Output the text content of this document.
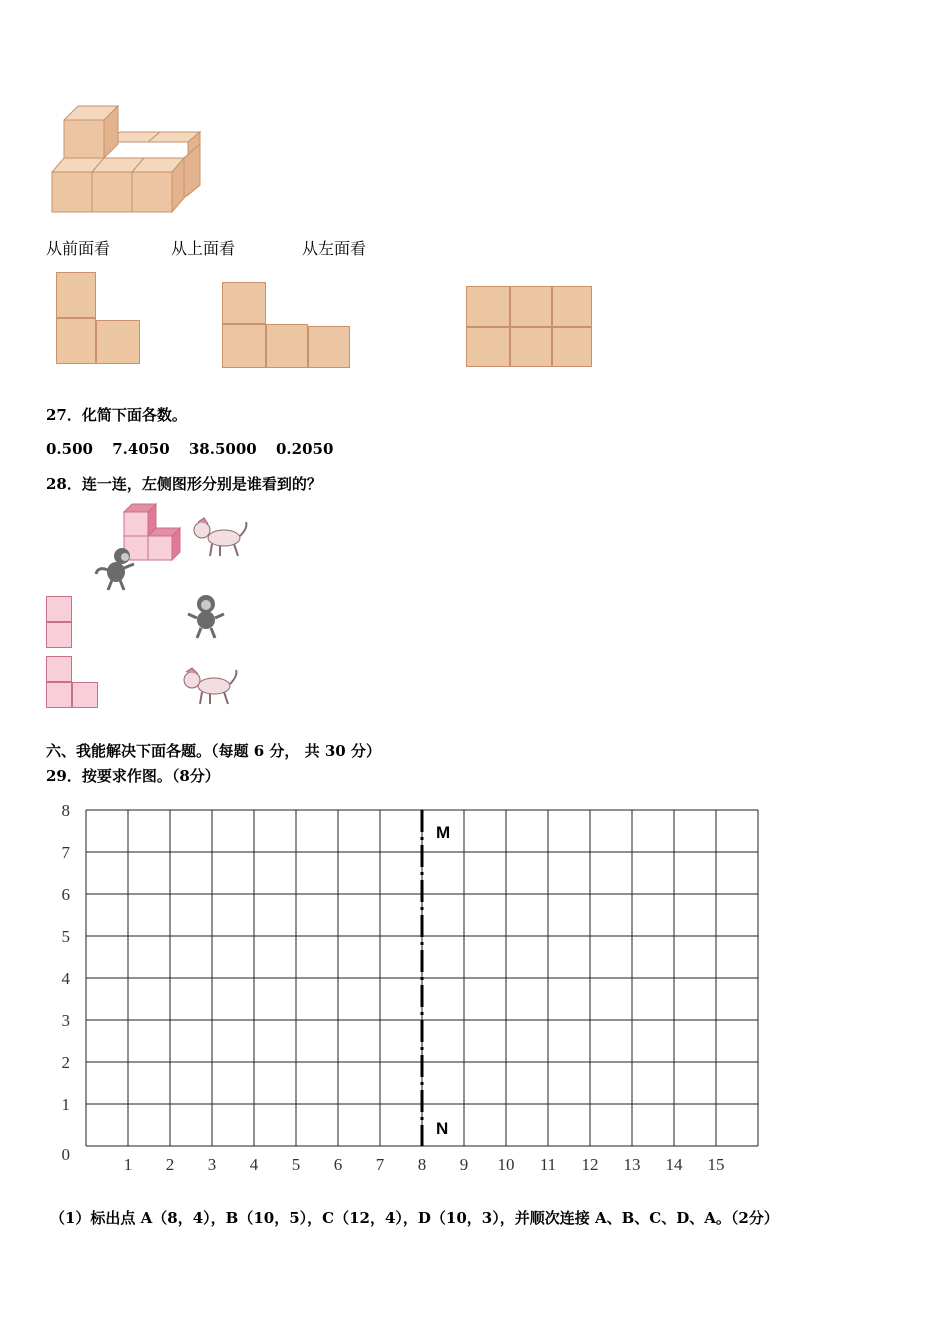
从前面看	从上面看	从左面看
27．化简下面各数。
0.500 7.4050 38.5000 0.2050
28．连一连，左侧图形分别是谁看到的？
六、我能解决下面各题。（每题 6 分， 共 30 分）
29．按要求作图。（8分）
1 2 3 4 5 6 7 8 9 10 11 12 13 14 15
0
1
2
3
4
5
6
7
8
M
N
（1）标出点 A（8，4），B（10，5），C（12，4），D（10，3），并顺次连接 A、B、C、D、A。（2分）
